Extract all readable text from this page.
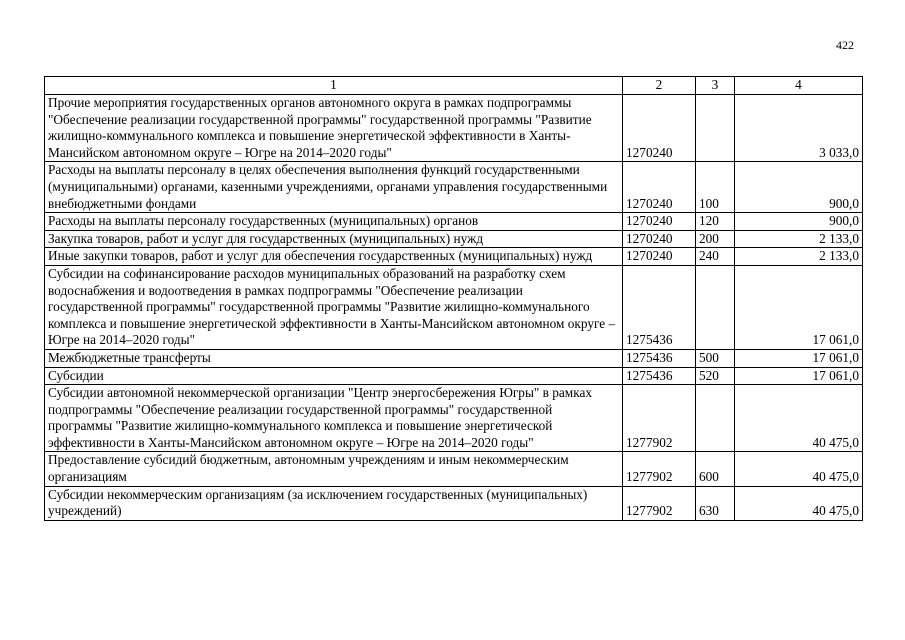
422
1	2	3	4
Прочие мероприятия государственных органов автономного округа в рамках подпрограммы "Обеспечение реализации государственной программы" государственной программы "Развитие жилищно-коммунального комплекса и повышение энергетической эффективности в Ханты-Мансийском автономном округе – Югре на 2014–2020 годы"	1270240		3 033,0
Расходы на выплаты персоналу в целях обеспечения выполнения функций государственными (муниципальными) органами, казенными учреждениями, органами управления государственными внебюджетными фондами	1270240	100	900,0
Расходы на выплаты персоналу государственных (муниципальных) органов	1270240	120	900,0
Закупка товаров, работ и услуг для государственных (муниципальных) нужд	1270240	200	2 133,0
Иные закупки товаров, работ и услуг для обеспечения государственных (муниципальных) нужд	1270240	240	2 133,0
Субсидии на софинансирование расходов муниципальных образований на разработку схем водоснабжения и водоотведения в рамках подпрограммы "Обеспечение реализации государственной программы" государственной программы "Развитие жилищно-коммунального комплекса и повышение энергетической эффективности в Ханты-Мансийском автономном округе – Югре на 2014–2020 годы"	1275436		17 061,0
Межбюджетные трансферты	1275436	500	17 061,0
Субсидии	1275436	520	17 061,0
Субсидии автономной некоммерческой организации "Центр энергосбережения Югры" в рамках подпрограммы "Обеспечение реализации государственной программы" государственной программы "Развитие жилищно-коммунального комплекса и повышение энергетической эффективности в Ханты-Мансийском автономном округе – Югре на 2014–2020 годы"	1277902		40 475,0
Предоставление субсидий бюджетным, автономным учреждениям и иным некоммерческим организациям	1277902	600	40 475,0
Субсидии некоммерческим организациям (за исключением государственных (муниципальных) учреждений)	1277902	630	40 475,0
